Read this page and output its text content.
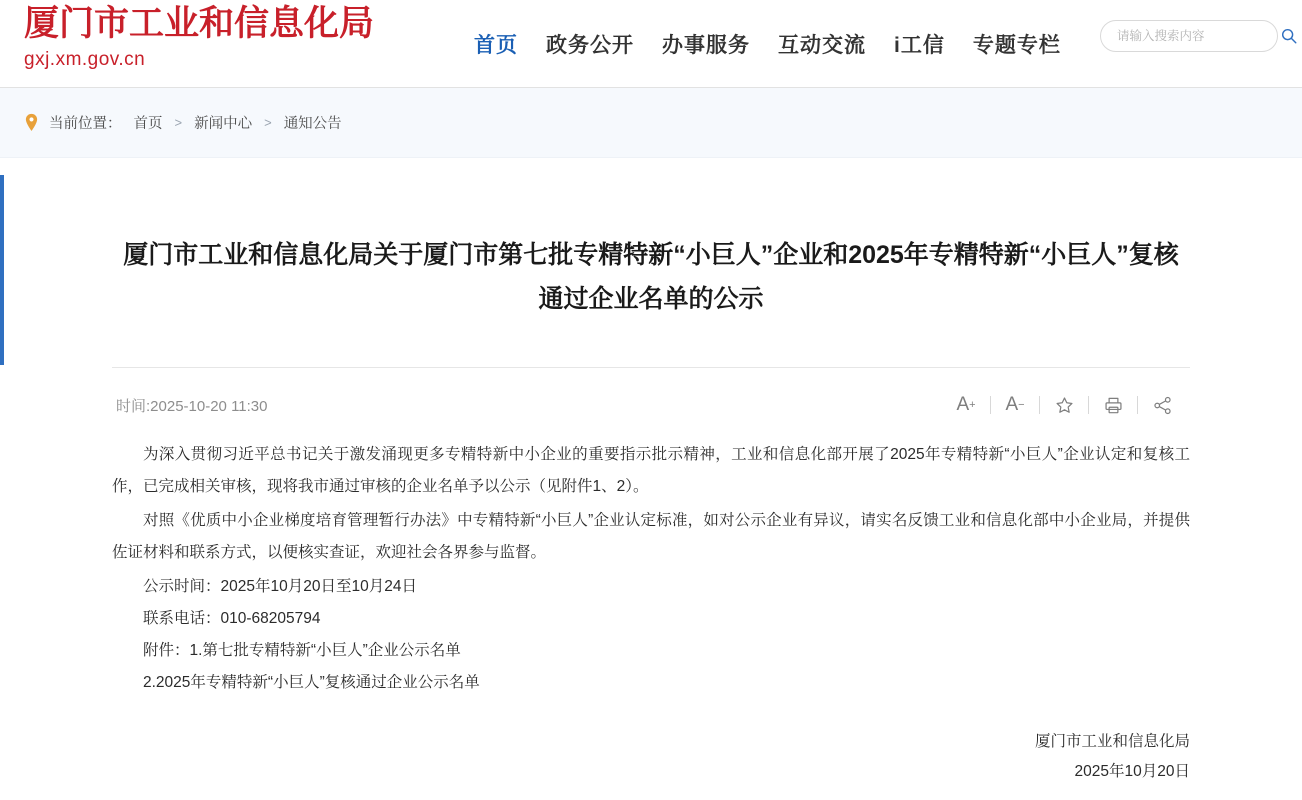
厦门市工业和信息化局
gxj.xm.gov.cn
首页 政务公开 办事服务 互动交流 i工信 专题专栏
请输入搜索内容
当前位置： 首页 > 新闻中心 > 通知公告
厦门市工业和信息化局关于厦门市第七批专精特新“小巨人”企业和2025年专精特新“小巨人”复核 通过企业名单的公示
时间:2025-10-20 11:30	A + A −

为深入贯彻习近平总书记关于激发涌现更多专精特新中小企业的重要指示批示精神，工业和信息化部开展了2025年专精特新“小巨人”企业认定和复核工作，已完成相关审核，现将我市通过审核的企业名单予以公示（见附件1、2）。

对照《优质中小企业梯度培育管理暂行办法》中专精特新“小巨人”企业认定标准，如对公示企业有异议，请实名反馈工业和信息化部中小企业局，并提供佐证材料和联系方式，以便核实查证，欢迎社会各界参与监督。

公示时间：2025年10月20日至10月24日

联系电话：010-68205794

附件：1.第七批专精特新“小巨人”企业公示名单

2.2025年专精特新“小巨人”复核通过企业公示名单

厦门市工业和信息化局
2025年10月20日
